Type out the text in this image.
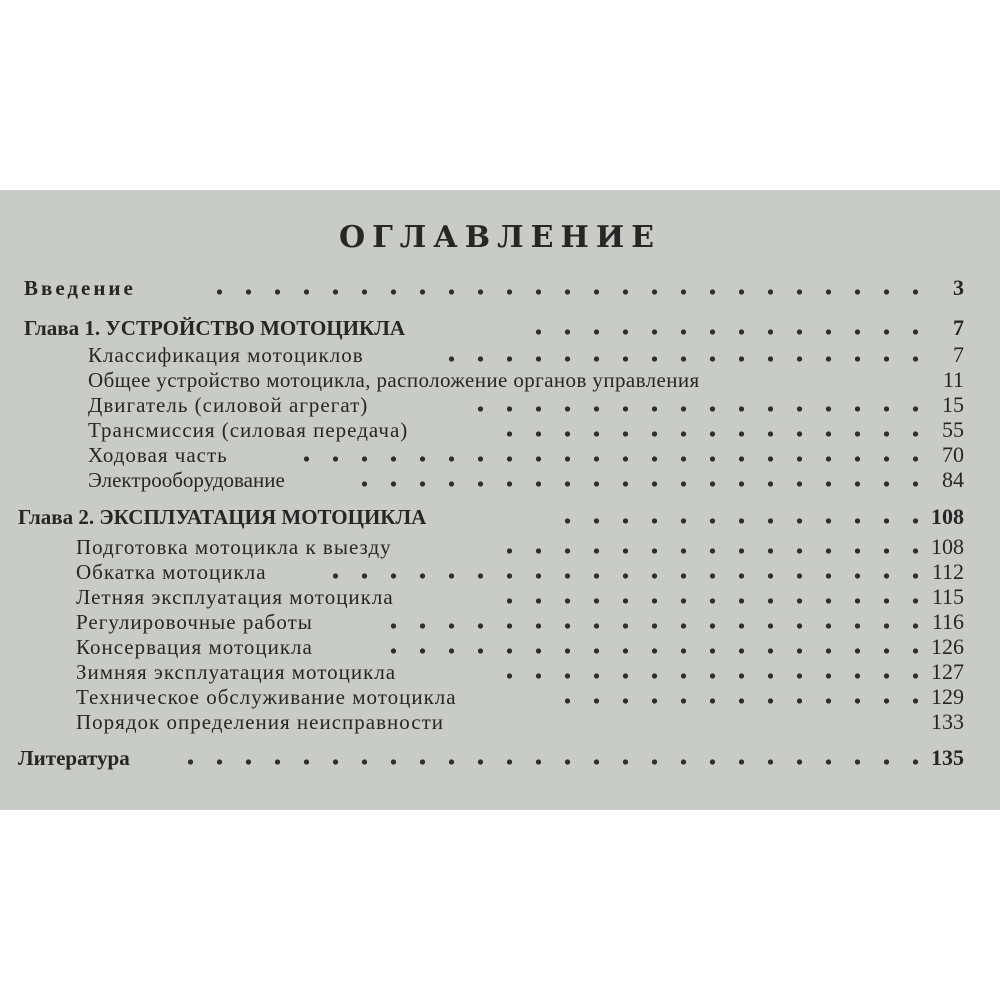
ОГЛАВЛЕНИЕ
Введение	3
Глава 1. УСТРОЙСТВО МОТОЦИКЛА	7
Классификация мотоциклов	7
Общее устройство мотоцикла, расположение органов управления	11
Двигатель (силовой агрегат)	15
Трансмиссия (силовая передача)	55
Ходовая часть	70
Электрооборудование	84
Глава 2. ЭКСПЛУАТАЦИЯ МОТОЦИКЛА	108
Подготовка мотоцикла к выезду	108
Обкатка мотоцикла	112
Летняя эксплуатация мотоцикла	115
Регулировочные работы	116
Консервация мотоцикла	126
Зимняя эксплуатация мотоцикла	127
Техническое обслуживание мотоцикла	129
Порядок определения неисправности	133
Литература	135
